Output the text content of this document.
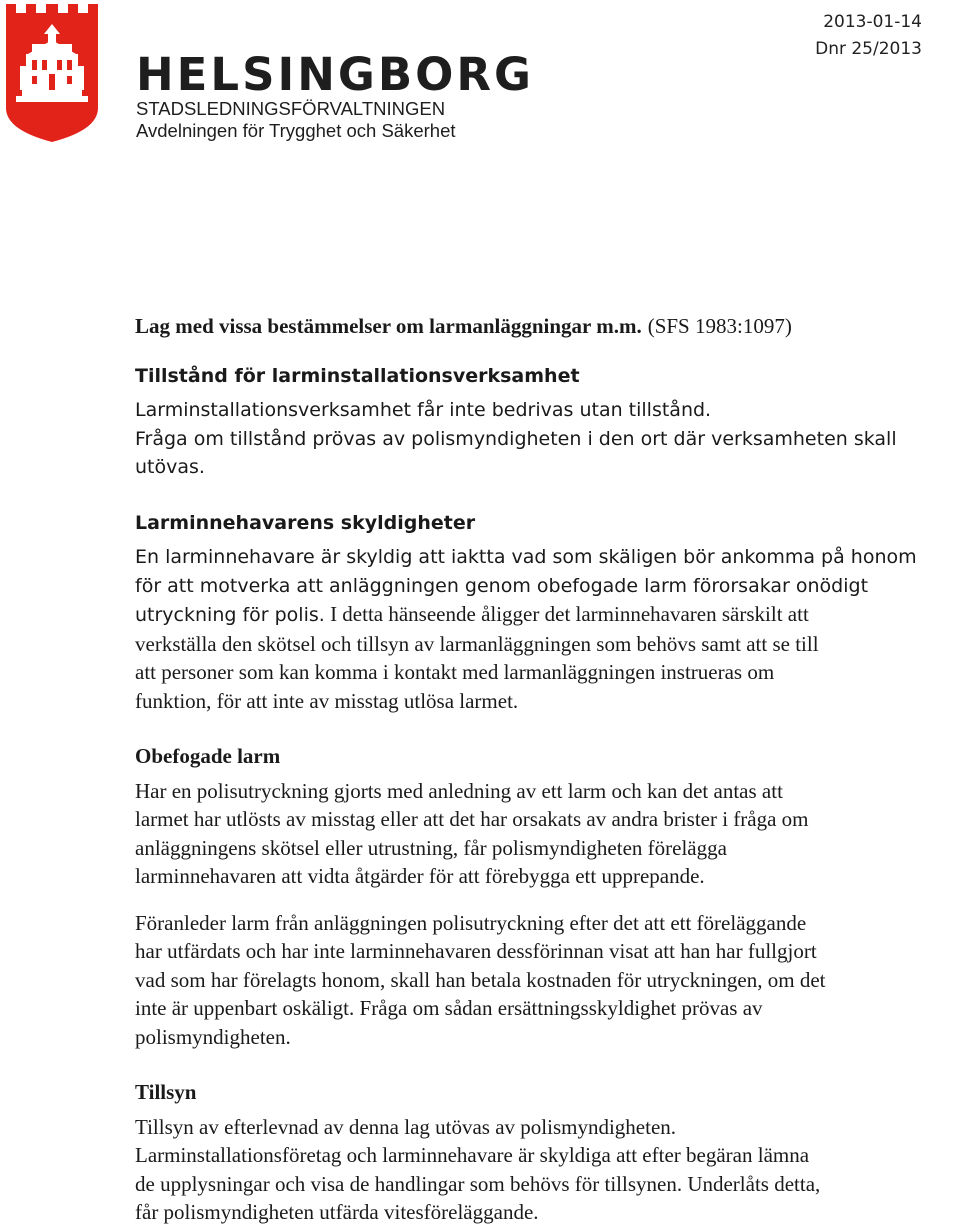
HELSINGBORG
STADSLEDNINGSFÖRVALTNINGEN
Avdelningen för Trygghet och Säkerhet
2013-01-14
Dnr 25/2013

Lag med vissa bestämmelser om larmanläggningar m.m. (SFS 1983:1097)

Tillstånd för larminstallationsverksamhet

Larminstallationsverksamhet får inte bedrivas utan tillstånd.

Fråga om tillstånd prövas av polismyndigheten i den ort där verksamheten skall

utövas.

Larminnehavarens skyldigheter

En larminnehavare är skyldig att iaktta vad som skäligen bör ankomma på honom

för att motverka att anläggningen genom obefogade larm förorsakar onödigt

utryckning för polis. I detta hänseende åligger det larminnehavaren särskilt att

verkställa den skötsel och tillsyn av larmanläggningen som behövs samt att se till

att personer som kan komma i kontakt med larmanläggningen instrueras om

funktion, för att inte av misstag utlösa larmet.

Obefogade larm

Har en polisutryckning gjorts med anledning av ett larm och kan det antas att

larmet har utlösts av misstag eller att det har orsakats av andra brister i fråga om

anläggningens skötsel eller utrustning, får polismyndigheten förelägga

larminnehavaren att vidta åtgärder för att förebygga ett upprepande.

Föranleder larm från anläggningen polisutryckning efter det att ett föreläggande

har utfärdats och har inte larminnehavaren dessförinnan visat att han har fullgjort

vad som har förelagts honom, skall han betala kostnaden för utryckningen, om det

inte är uppenbart oskäligt. Fråga om sådan ersättningsskyldighet prövas av

polismyndigheten.

Tillsyn

Tillsyn av efterlevnad av denna lag utövas av polismyndigheten.

Larminstallationsföretag och larminnehavare är skyldiga att efter begäran lämna

de upplysningar och visa de handlingar som behövs för tillsynen. Underlåts detta,

får polismyndigheten utfärda vitesföreläggande.
